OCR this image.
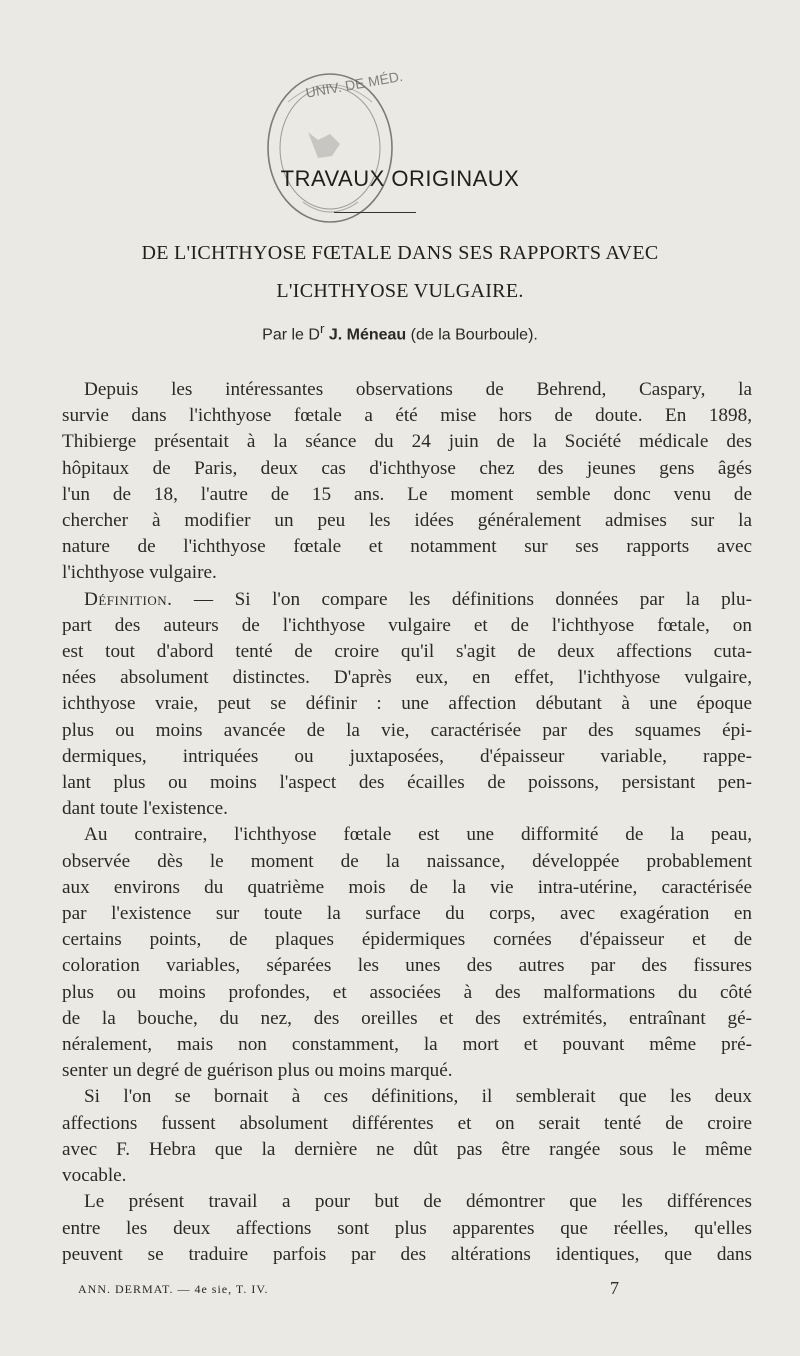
UNIV. DE MÉD.
TRAVAUX ORIGINAUX
DE L'ICHTHYOSE FŒTALE DANS SES RAPPORTS AVEC
L'ICHTHYOSE VULGAIRE.
Par le $D^r$ J. Méneau (de la Bourboule).
Depuis les intéressantes observations de Behrend, Caspary, la
survie dans l'ichthyose fœtale a été mise hors de doute. En 1898,
Thibierge présentait à la séance du 24 juin de la Société médicale des
hôpitaux de Paris, deux cas d'ichthyose chez des jeunes gens âgés
l'un de 18, l'autre de 15 ans. Le moment semble donc venu de
chercher à modifier un peu les idées généralement admises sur la
nature de l'ichthyose fœtale et notamment sur ses rapports avec
l'ichthyose vulgaire.
Définition. — Si l'on compare les définitions données par la plu-
part des auteurs de l'ichthyose vulgaire et de l'ichthyose fœtale, on
est tout d'abord tenté de croire qu'il s'agit de deux affections cuta-
nées absolument distinctes. D'après eux, en effet, l'ichthyose vulgaire,
ichthyose vraie, peut se définir : une affection débutant à une époque
plus ou moins avancée de la vie, caractérisée par des squames épi-
dermiques, intriquées ou juxtaposées, d'épaisseur variable, rappe-
lant plus ou moins l'aspect des écailles de poissons, persistant pen-
dant toute l'existence.
Au contraire, l'ichthyose fœtale est une difformité de la peau,
observée dès le moment de la naissance, développée probablement
aux environs du quatrième mois de la vie intra-utérine, caractérisée
par l'existence sur toute la surface du corps, avec exagération en
certains points, de plaques épidermiques cornées d'épaisseur et de
coloration variables, séparées les unes des autres par des fissures
plus ou moins profondes, et associées à des malformations du côté
de la bouche, du nez, des oreilles et des extrémités, entraînant gé-
néralement, mais non constamment, la mort et pouvant même pré-
senter un degré de guérison plus ou moins marqué.
Si l'on se bornait à ces définitions, il semblerait que les deux
affections fussent absolument différentes et on serait tenté de croire
avec F. Hebra que la dernière ne dût pas être rangée sous le même
vocable.
Le présent travail a pour but de démontrer que les différences
entre les deux affections sont plus apparentes que réelles, qu'elles
peuvent se traduire parfois par des altérations identiques, que dans
ANN. DERMAT. — 4e sie, T. IV.	7
